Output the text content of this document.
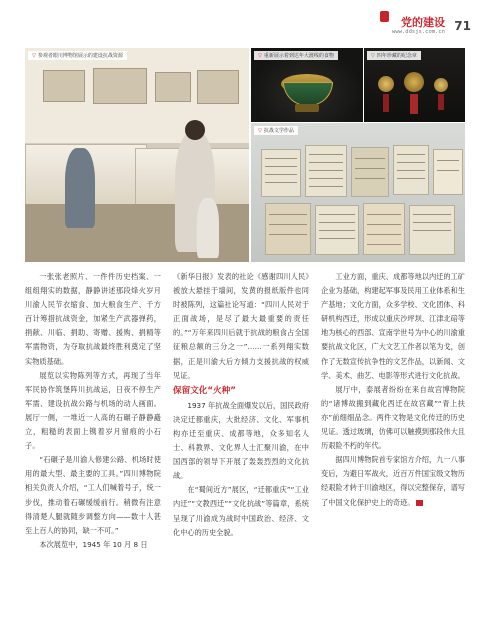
党的建设
www.ddsjs.com.cn 71
▽ 参观者眼川博物馆展示的建设抗战资源	▽ 重新展示着到达年大渡线的食物	▽ 四年珍藏的纪念章
▽ 抗战文学作品

一张张老照片、一件件历史档案、一组组翔实的数据，静静讲述那段烽火岁月川渝人民节衣缩食、加大粮食生产、千方百计筹措抗战资金，加紧生产武器弹药，捐献、川临、捐助、寄赠、援购、捐精等军需物资，为夺取抗战最终胜利奠定了坚实物质基础。

展览以实物陈列等方式，再现了当年军民协作筑堡阵川抗战运，日夜不停生产军需、建设抗战公路与机场的动人画面。展厅一侧，一堆近一人高的石碾子静静矗立，粗糙的表面上镌着岁月留痕的小石子。

“石碾子是川渝人修建公路、机场时使用的最大型、最主要的工具。”四川博物院相关负责人介绍，“工人们喊着号子，统一步伐，推动着石碾缓缓前行。稍微有注意得清楚人腿就随步调整方向——数十人甚至上百人的协同，缺一不可。”

本次展览中，1945 年 10 月 8 日

《新华日报》发表的社论《感谢四川人民》被放大悬挂于墙间，发黄的报纸版件也同时被陈列，这篇社论写道：“四川人民对于正面战场，是尽了最大最重要的责任的。”“万年来四川后就于抗战的粮食占全国征粮总额的三分之一”……一系列翔实数据，正是川渝大后方倾力支援抗战的权威见证。

保留文化“火种”

1937 年抗战全面爆发以后，国民政府决定迁都重庆，大批经济、文化、军事机构亦迁至重庆、成都等地，众多知名人士、科教界、文化界人士汇聚川渝，在中国西部的领导下开展了轰轰烈烈的文化抗战。

在“蜀间近方”展区，“迁都重庆”“工业内迁”“文教西迁”“文化抗战”等篇章，系统呈现了川渝成为战时中国政治、经济、文化中心的历史全貌。

工业方面，重庆、成都等地以内迁的工矿企业为基础，构建起军事及民用工业体系和生产基地；文化方面，众多学校、文化团体、科研机构西迁，形成以重庆沙坪坝、江津北碚等地为核心的西部、宣南学世号为中心的川渝重要抗战文化区，广大文艺工作者以笔为戈，创作了无数宣传抗争性的文艺作品，以新闻、文学、美术、曲艺、电影等形式进行文化抗战。

展厅中，泰展者纷纷在来自故宫博物院的“诸博故搬到藏化西迁在故宫藏”“青上扶亦”前细细品念。两件文物是文化传迁的历史见证。透过玻璃，仿佛可以触摸到那段伟大且历艰险不朽的年代。

据四川博物院首专家馆方介绍，九一八事变后，为避日军战火，近百万件国宝级文物历经艰险才转于川渝地区，得以完整保存，谱写了中国文化保护史上的奇迹。
